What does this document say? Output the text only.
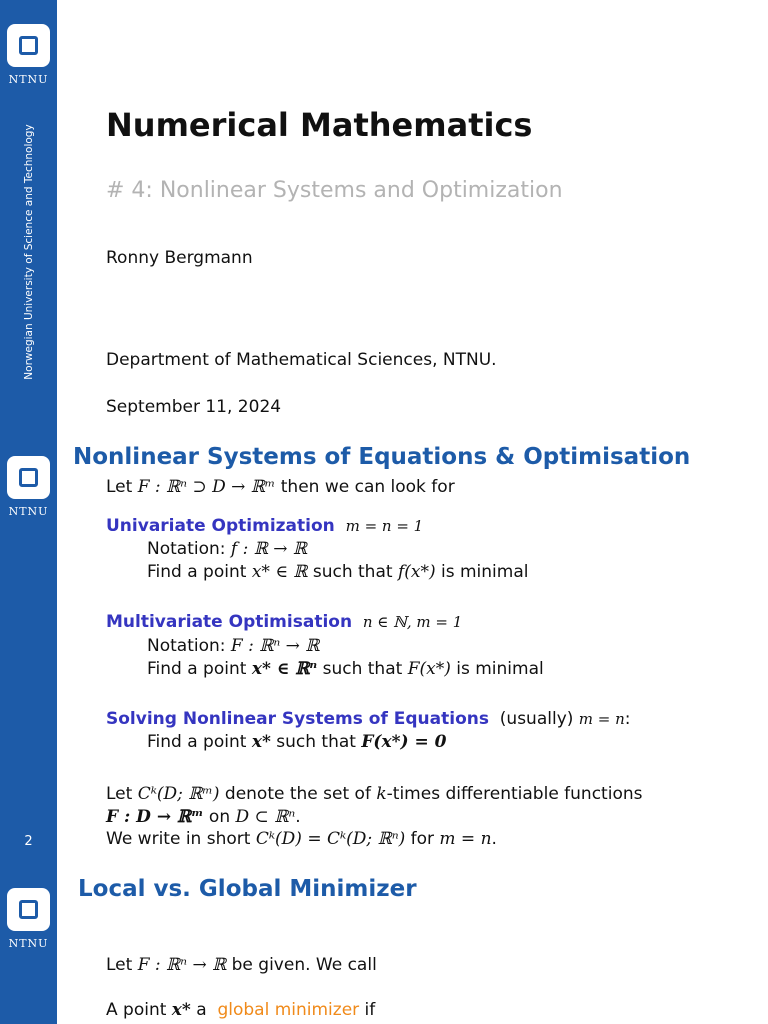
NTNU
Norwegian University of Science and Technology Numerical Mathematics
# 4: Nonlinear Systems and Optimization
Ronny Bergmann
Department of Mathematical Sciences, NTNU.
September 11, 2024
NTNU
2
Nonlinear Systems of Equations & Optimisation
Let F : ℝⁿ ⊃ D → ℝᵐ then we can look for
Univariate Optimization m = n = 1
Notation: f : ℝ → ℝ
Find a point x* ∈ ℝ such that f(x*) is minimal
Multivariate Optimisation n ∈ ℕ, m = 1
Notation: F : ℝⁿ → ℝ
Find a point x* ∈ ℝⁿ such that F(x*) is minimal
Solving Nonlinear Systems of Equations (usually) m = n:
Find a point x* such that F(x*) = 0
Let Cᵏ(D; ℝᵐ) denote the set of k-times differentiable functions
F : D → ℝᵐ on D ⊂ ℝⁿ.
We write in short Cᵏ(D) = Cᵏ(D; ℝⁿ) for m = n.
NTNU
Local vs. Global Minimizer
Let F : ℝⁿ → ℝ be given. We call
A point x* a  global minimizer if
